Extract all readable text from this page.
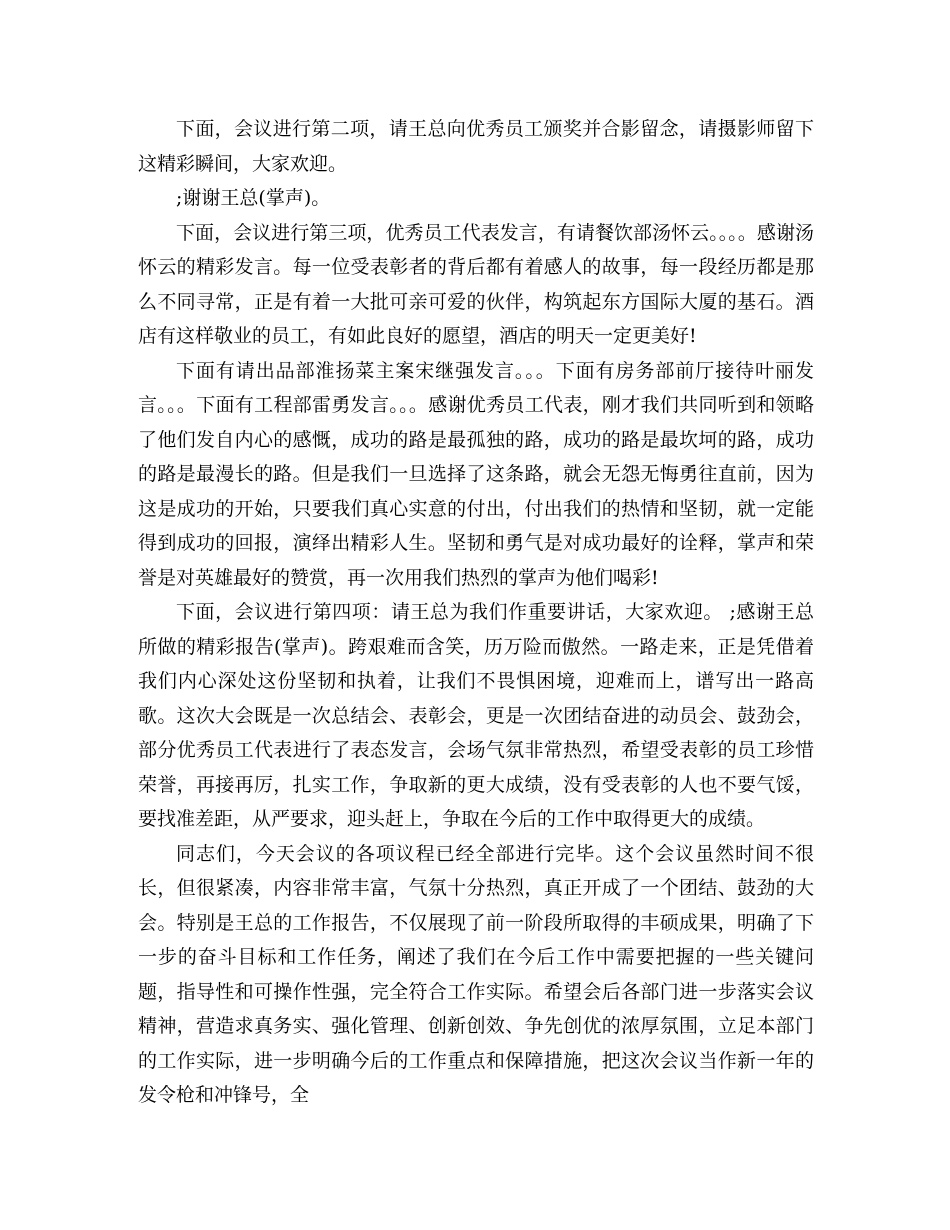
下面，会议进行第二项，请王总向优秀员工颁奖并合影留念，请摄影师留下这精彩瞬间，大家欢迎。

;谢谢王总(掌声)。

下面，会议进行第三项，优秀员工代表发言，有请餐饮部汤怀云。。。。感谢汤怀云的精彩发言。每一位受表彰者的背后都有着感人的故事，每一段经历都是那么不同寻常，正是有着一大批可亲可爱的伙伴，构筑起东方国际大厦的基石。酒店有这样敬业的员工，有如此良好的愿望，酒店的明天一定更美好!

下面有请出品部淮扬菜主案宋继强发言。。。下面有房务部前厅接待叶丽发言。。。下面有工程部雷勇发言。。。感谢优秀员工代表，刚才我们共同听到和领略了他们发自内心的感慨，成功的路是最孤独的路，成功的路是最坎坷的路，成功的路是最漫长的路。但是我们一旦选择了这条路，就会无怨无悔勇往直前，因为这是成功的开始，只要我们真心实意的付出，付出我们的热情和坚韧，就一定能得到成功的回报，演绎出精彩人生。坚韧和勇气是对成功最好的诠释，掌声和荣誉是对英雄最好的赞赏，再一次用我们热烈的掌声为他们喝彩!

下面，会议进行第四项：请王总为我们作重要讲话，大家欢迎。 ;感谢王总所做的精彩报告(掌声)。跨艰难而含笑，历万险而傲然。一路走来，正是凭借着我们内心深处这份坚韧和执着，让我们不畏惧困境，迎难而上，谱写出一路高歌。这次大会既是一次总结会、表彰会，更是一次团结奋进的动员会、鼓劲会，部分优秀员工代表进行了表态发言，会场气氛非常热烈，希望受表彰的员工珍惜荣誉，再接再厉，扎实工作，争取新的更大成绩，没有受表彰的人也不要气馁，要找准差距，从严要求，迎头赶上，争取在今后的工作中取得更大的成绩。

同志们，今天会议的各项议程已经全部进行完毕。这个会议虽然时间不很长，但很紧凑，内容非常丰富，气氛十分热烈，真正开成了一个团结、鼓劲的大会。特别是王总的工作报告，不仅展现了前一阶段所取得的丰硕成果，明确了下一步的奋斗目标和工作任务，阐述了我们在今后工作中需要把握的一些关键问题，指导性和可操作性强，完全符合工作实际。希望会后各部门进一步落实会议精神，营造求真务实、强化管理、创新创效、争先创优的浓厚氛围，立足本部门的工作实际，进一步明确今后的工作重点和保障措施，把这次会议当作新一年的发令枪和冲锋号，全
